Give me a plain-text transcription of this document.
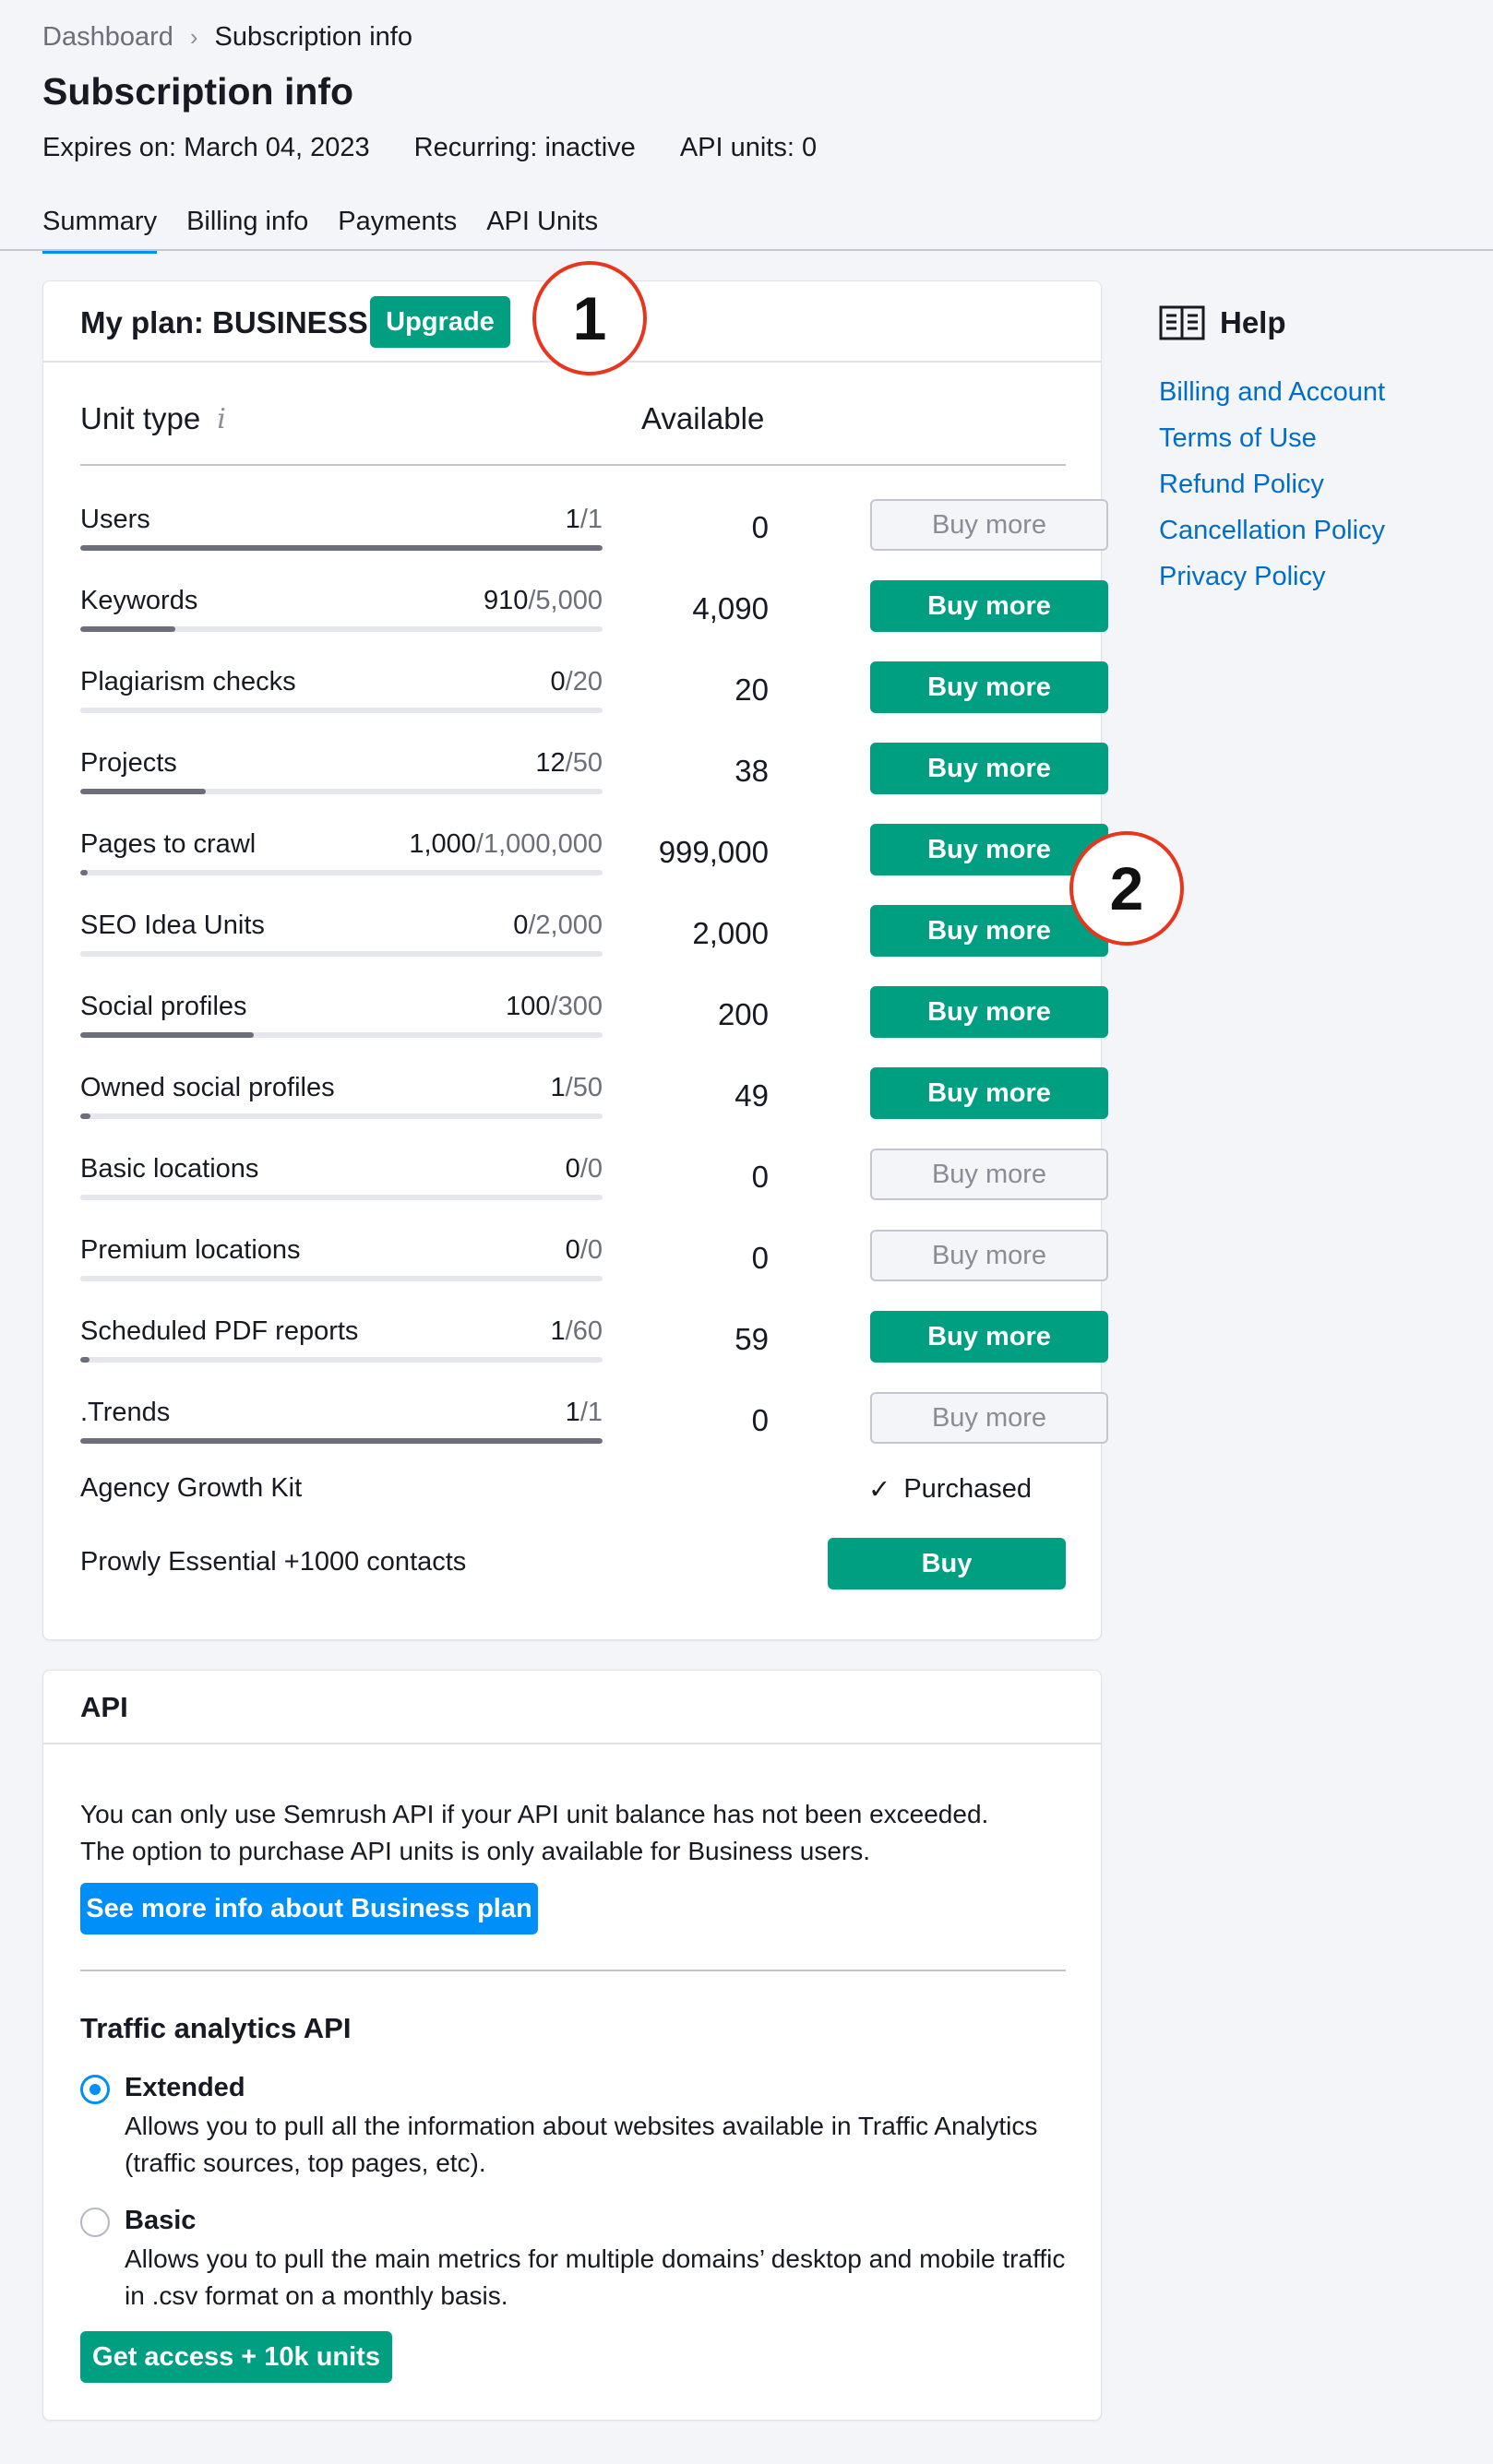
Dashboard › Subscription info
Subscription info
Expires on: March 04, 2023 Recurring: inactive API units: 0
Summary Billing info Payments API Units
My plan: BUSINESS Upgrade	1
Unit type i	Available
Users	1/1	0	Buy more
Keywords	910/5,000	4,090	Buy more
Plagiarism checks	0/20	20	Buy more
Projects	12/50	38	Buy more
Pages to crawl	1,000/1,000,000 999,000	Buy more
SEO Idea Units	0/2,000	2,000	Buy more
Social profiles	100/300	200	Buy more
Owned social profiles	1/50	49	Buy more
Basic locations	0/0	0	Buy more
Premium locations	0/0	0	Buy more
Scheduled PDF reports	1/60	59	Buy more
.Trends	1/1	0	Buy more
2
Agency Growth Kit	✓ Purchased
Prowly Essential +1000 contacts	Buy
API
You can only use Semrush API if your API unit balance has not been exceeded.
The option to purchase API units is only available for Business users.
See more info about Business plan
Traffic analytics API
Extended
Allows you to pull all the information about websites available in Traffic Analytics (traffic sources, top pages, etc).
Basic
Allows you to pull the main metrics for multiple domains’ desktop and mobile traffic in .csv format on a monthly basis.
Get access + 10k units
Help
Billing and Account
Terms of Use
Refund Policy
Cancellation Policy
Privacy Policy
